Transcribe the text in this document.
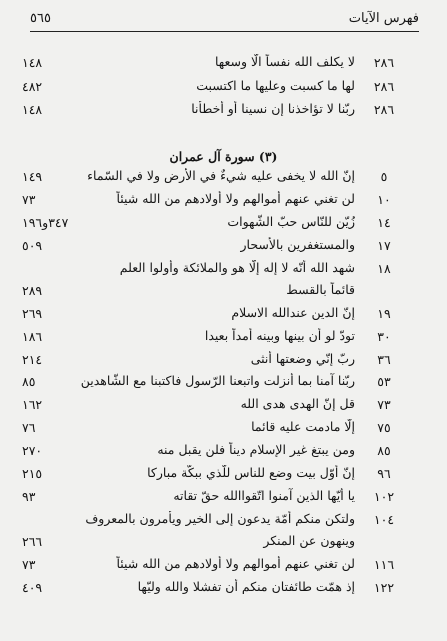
٥٦٥	فهرس الآيات
٢٨٦
لا يكلف الله نفساً الّا وسعها
١٤٨
٢٨٦
لها ما كسبت وعليها ما اكتسبت
٤٨٢
٢٨٦
ربّنا لا تؤاخذنا إن نسينا أو أخطأنا
١٤٨
(٣) سورة آل عمران
٥
إنّ الله لا يخفى عليه شيءٌ في الأرض ولا في السّماء
١٤٩
١٠
لن تغني عنهم أموالهم ولا أولادهم من الله شيئاً
٧٣
١٤
زُيّن للنّاس حبّ الشّهوات
٣٤٧و١٩٦
١٧
والمستغفرين بالأسحار
٥٠٩
١٨
شهد الله أنّه لا إله إلّا هو والملائكة وأولوا العلم
قائماً بالقسط
٢٨٩
١٩
إنّ الدين عندالله الاسلام
٢٦٩
٣٠
تودّ لو أن بينها وبينه أمداً بعيدا
١٨٦
٣٦
ربّ إنّي وضعتها أُنثى
٢١٤
٥٣
ربّنا آمنا بما أنزلت واتبعنا الرّسول فاكتبنا مع الشّاهدين
٨٥
٧٣
قل إنّ الهدى هدى الله
١٦٢
٧٥
إلّا مادمت عليه قائما
٧٦
٨٥
ومن يبتغ غير الإسلام ديناً فلن يقبل منه
٢٧٠
٩٦
إنّ أوّل بيت وضع للناس للّذي ببكّة مباركا
٢١٥
١٠٢
يا أيّها الذين آمنوا اتّقواالله حقّ تقاته
٩٣
١٠٤
ولتكن منكم أمّة يدعون إلى الخير ويأمرون بالمعروف
وينهون عن المنكر
٢٦٦
١١٦
لن تغني عنهم أموالهم ولا أولادهم من الله شيئاً
٧٣
١٢٢
إذ همّت طائفتان منكم أن تفشلا والله وليّها
٤٠٩
